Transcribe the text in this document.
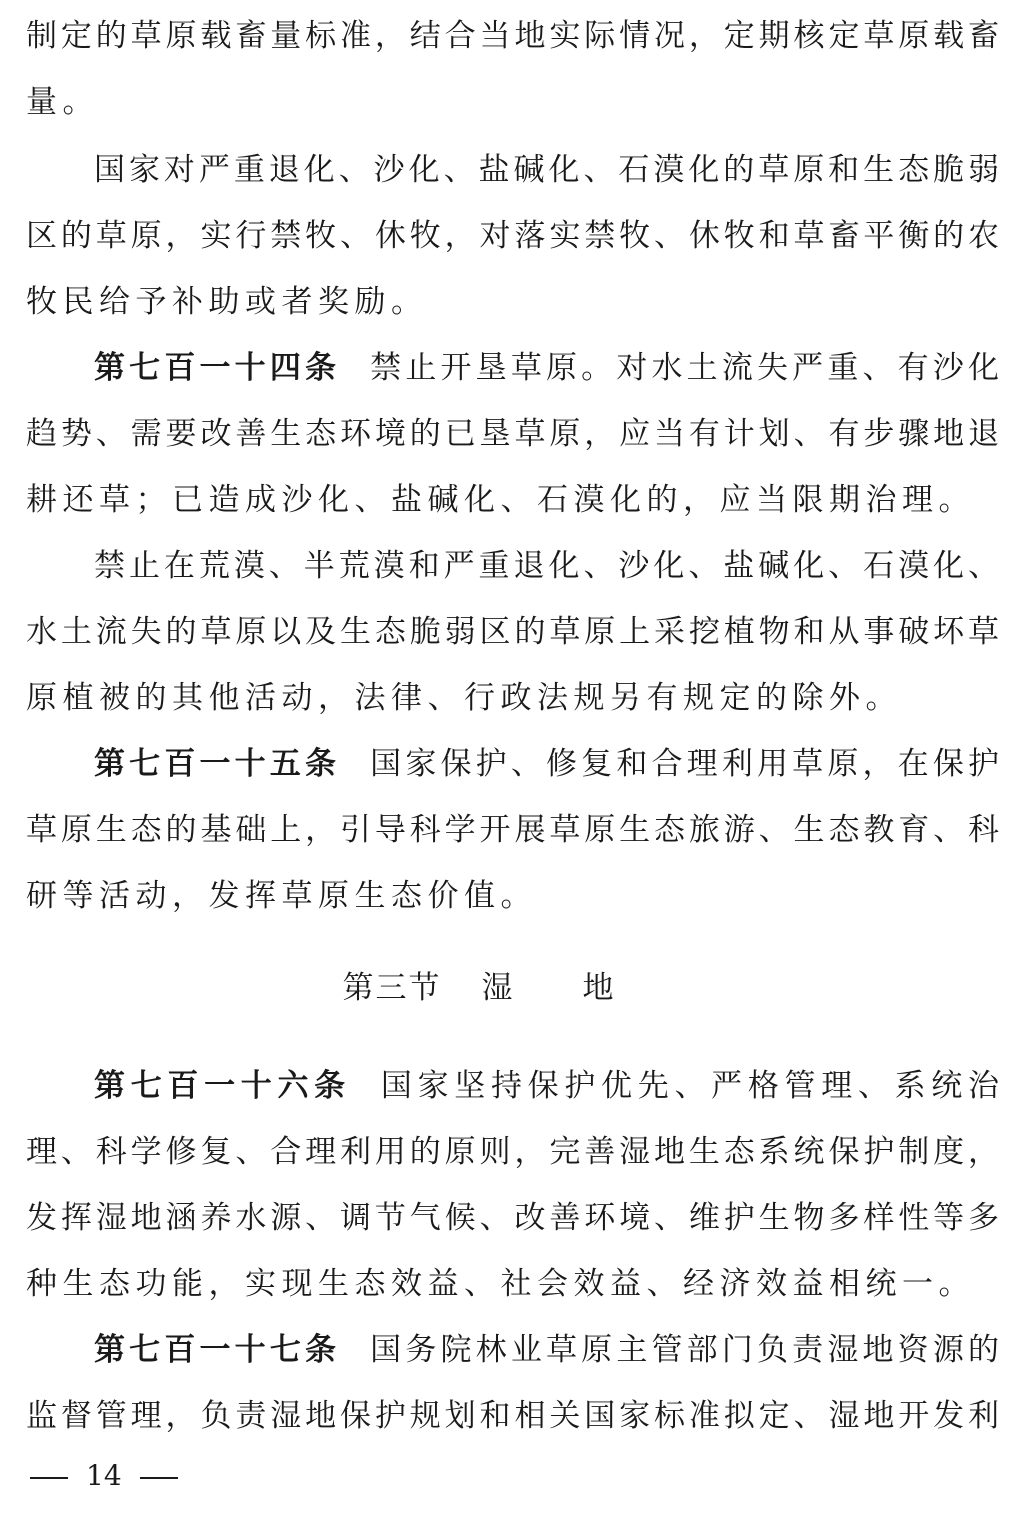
制定的草原载畜量标准，结合当地实际情况，定期核定草原载畜
量。
国家对严重退化、沙化、盐碱化、石漠化的草原和生态脆弱
区的草原，实行禁牧、休牧，对落实禁牧、休牧和草畜平衡的农
牧民给予补助或者奖励。
第七百一十四条 禁止开垦草原。对水土流失严重、有沙化
趋势、需要改善生态环境的已垦草原，应当有计划、有步骤地退
耕还草；已造成沙化、盐碱化、石漠化的，应当限期治理。
禁止在荒漠、半荒漠和严重退化、沙化、盐碱化、石漠化、
水土流失的草原以及生态脆弱区的草原上采挖植物和从事破坏草
原植被的其他活动，法律、行政法规另有规定的除外。
第七百一十五条 国家保护、修复和合理利用草原，在保护
草原生态的基础上，引导科学开展草原生态旅游、生态教育、科
研等活动，发挥草原生态价值。
第三节 湿地
第七百一十六条 国家坚持保护优先、严格管理、系统治
理、科学修复、合理利用的原则，完善湿地生态系统保护制度，
发挥湿地涵养水源、调节气候、改善环境、维护生物多样性等多
种生态功能，实现生态效益、社会效益、经济效益相统一。
第七百一十七条 国务院林业草原主管部门负责湿地资源的
监督管理，负责湿地保护规划和相关国家标准拟定、湿地开发利
14
